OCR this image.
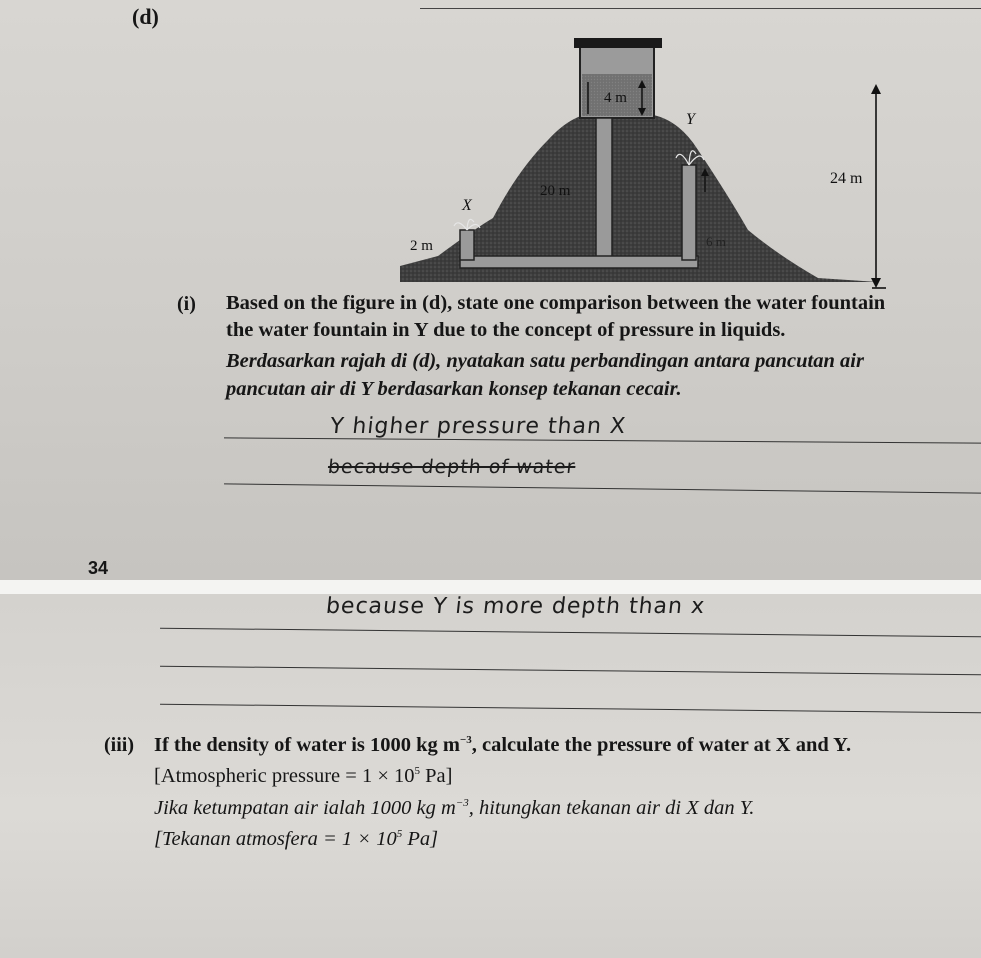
(d)
4 m
Y
24 m
20 m
X
2 m	6 m
(i) Based on the figure in (d), state one comparison between the water fountain
the water fountain in Y due to the concept of pressure in liquids.
Berdasarkan rajah di (d), nyatakan satu perbandingan antara pancutan air
pancutan air di Y berdasarkan konsep tekanan cecair.
Y higher pressure than X
because depth of water
34
because Y is more depth than x
(iii) If the density of water is 1000 kg $m^{-3}$, calculate the pressure of water at X and Y.
[Atmospheric pressure = $1 \times 10^5$ Pa]
Jika ketumpatan air ialah 1000 kg $m^{-3}$, hitungkan tekanan air di X dan Y.
[Tekanan atmosfera = $1 \times 10^5$ Pa]
